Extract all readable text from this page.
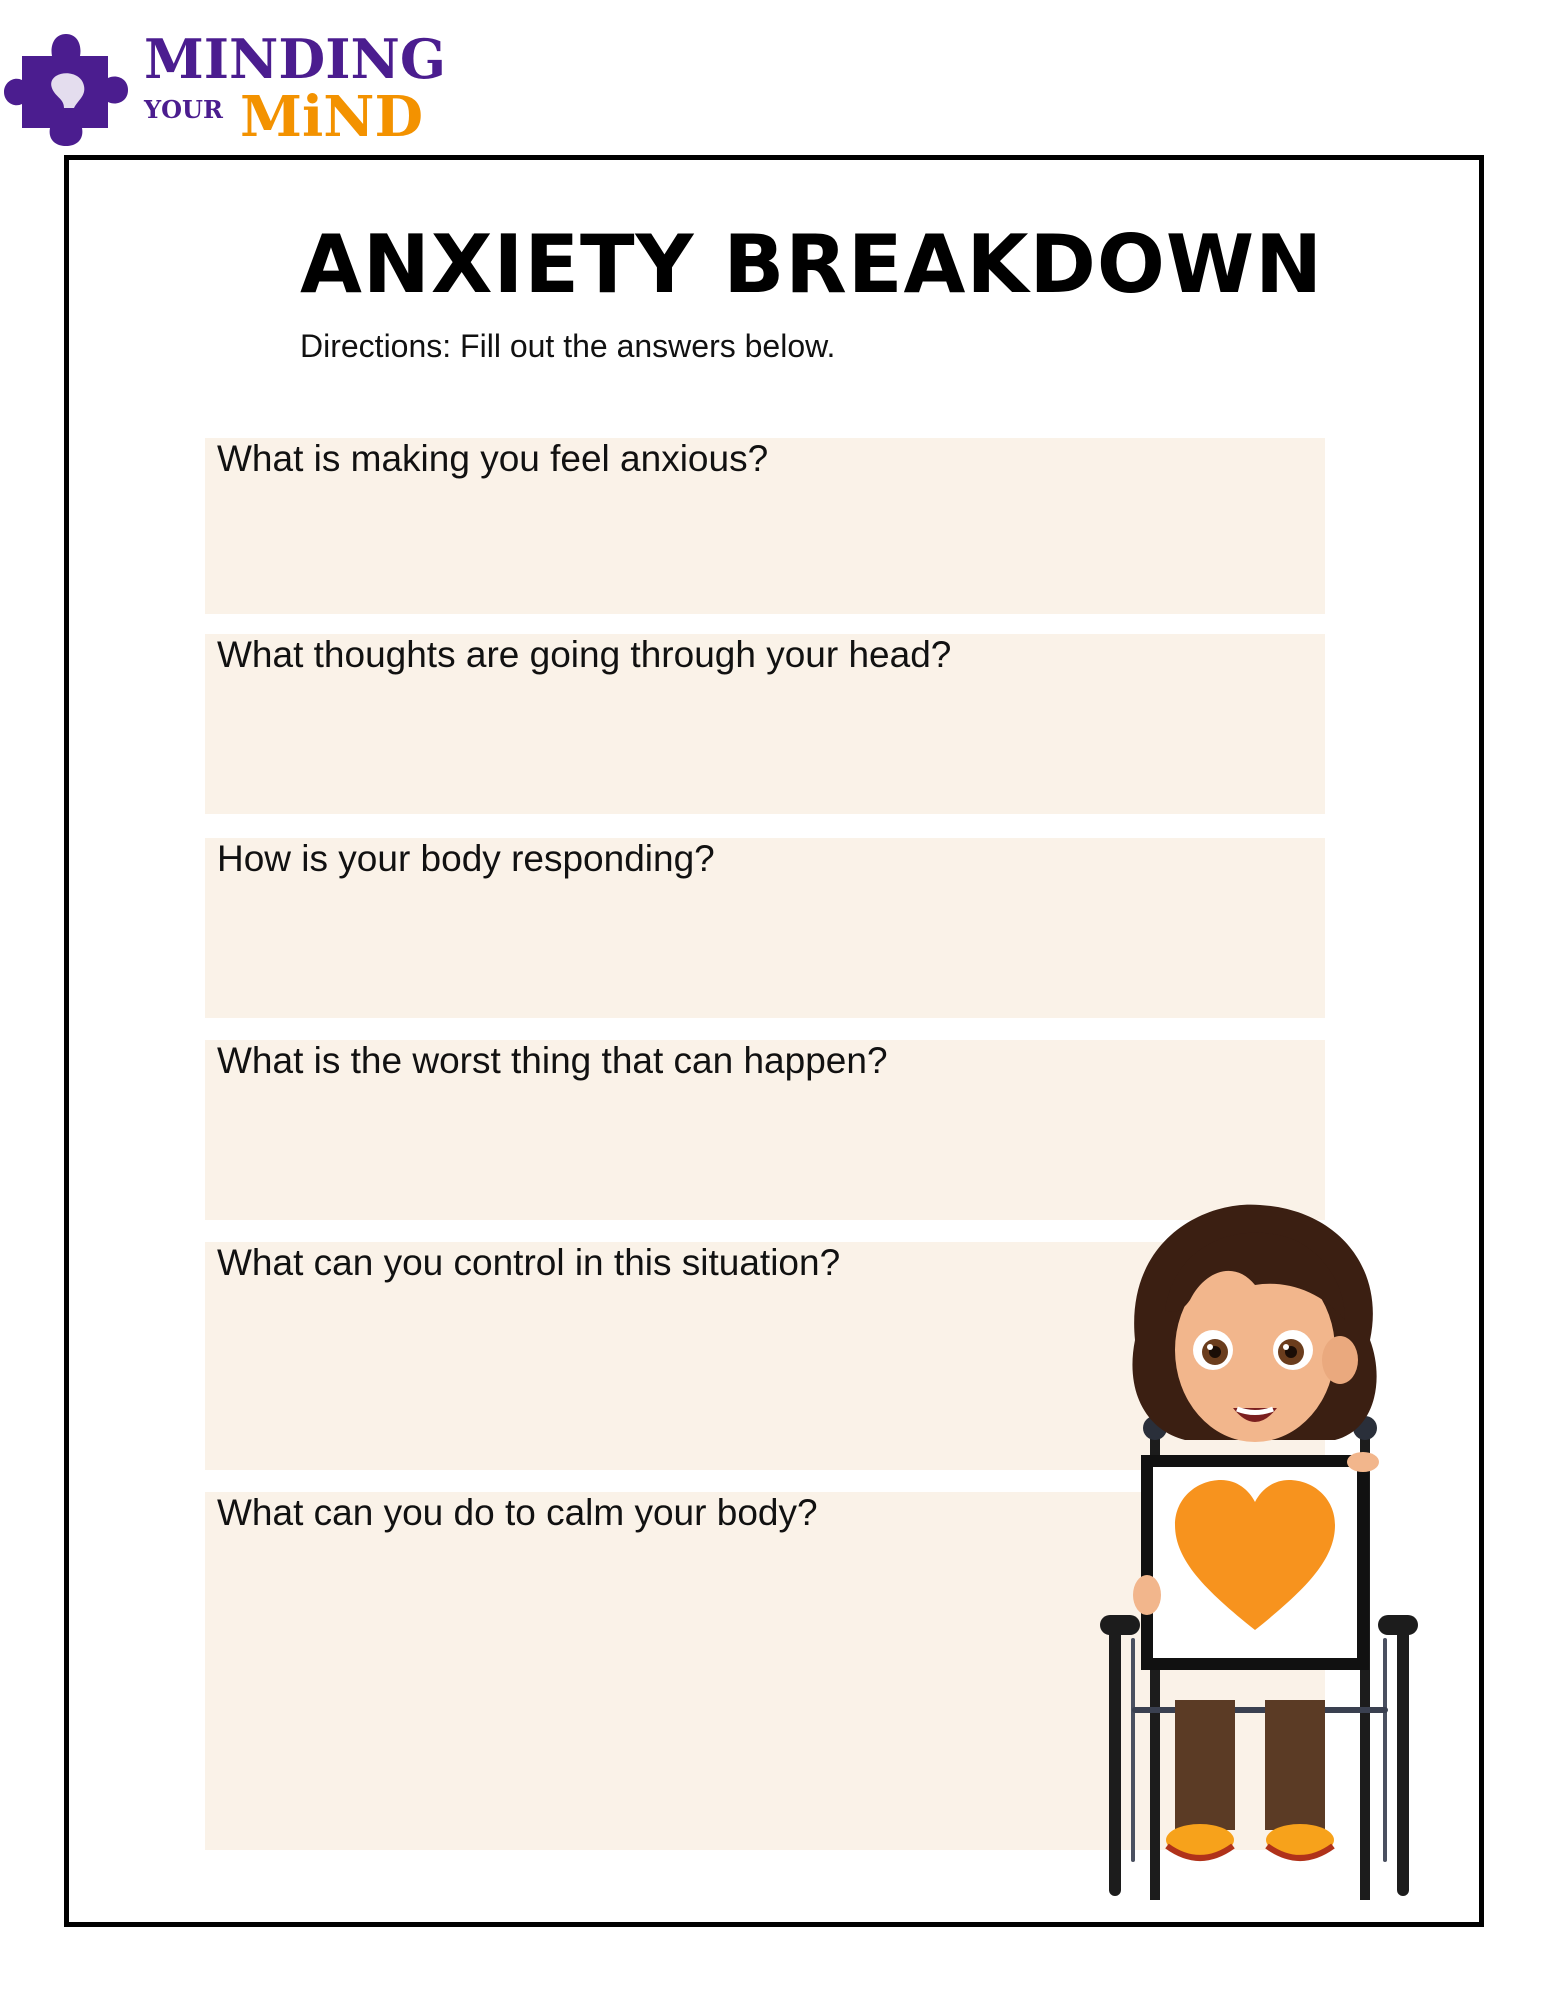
MINDING
YOUR MiND
ANXIETY BREAKDOWN
Directions: Fill out the answers below.
What is making you feel anxious?
What thoughts are going through your head?
How is your body responding?
What is the worst thing that can happen?
What can you control in this situation?
What can you do to calm your body?
